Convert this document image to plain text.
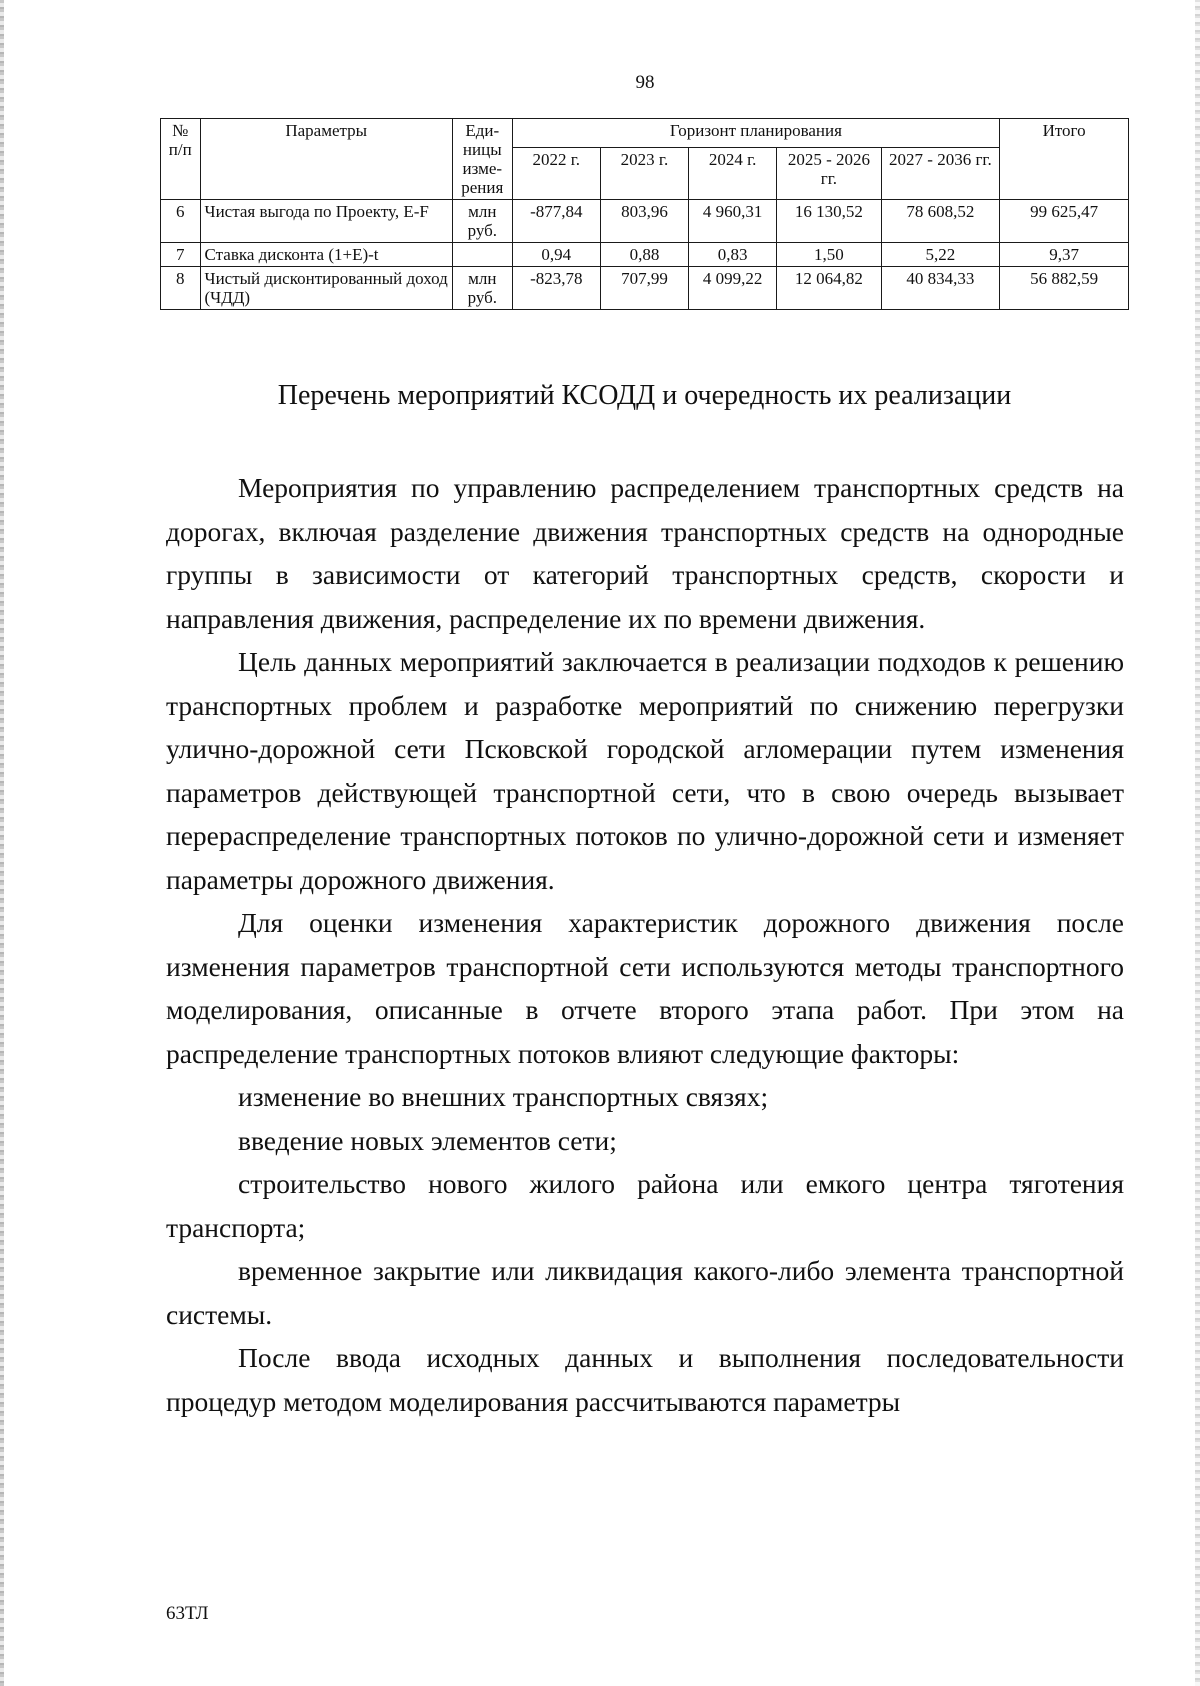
98
№ п/п	Параметры	Еди-ницы изме-рения	Горизонт планирования					Итого
			2022 г.	2023 г.	2024 г.	2025 - 2026 гг.	2027 - 2036 гг.	
6	Чистая выгода по Проекту, E-F	млн руб.	-877,84	803,96	4 960,31	16 130,52	78 608,52	99 625,47
7	Ставка дисконта (1+E)-t		0,94	0,88	0,83	1,50	5,22	9,37
8	Чистый дисконтированный доход (ЧДД)	млн руб.	-823,78	707,99	4 099,22	12 064,82	40 834,33	56 882,59
Перечень мероприятий КСОДД и очередность их реализации

Мероприятия по управлению распределением транспортных средств на дорогах, включая разделение движения транспортных средств на однородные группы в зависимости от категорий транспортных средств, скорости и направления движения, распределение их по времени движения.

Цель данных мероприятий заключается в реализации подходов к решению транспортных проблем и разработке мероприятий по снижению перегрузки улично-дорожной сети Псковской городской агломерации путем изменения параметров действующей транспортной сети, что в свою очередь вызывает перераспределение транспортных потоков по улично-дорожной сети и изменяет параметры дорожного движения.

Для оценки изменения характеристик дорожного движения после изменения параметров транспортной сети используются методы транспортного моделирования, описанные в отчете второго этапа работ. При этом на распределение транспортных потоков влияют следующие факторы:

изменение во внешних транспортных связях;

введение новых элементов сети;

строительство нового жилого района или емкого центра тяготения транспорта;

временное закрытие или ликвидация какого-либо элемента транспортной системы.

После ввода исходных данных и выполнения последовательности процедур методом моделирования рассчитываются параметры

63ТЛ
